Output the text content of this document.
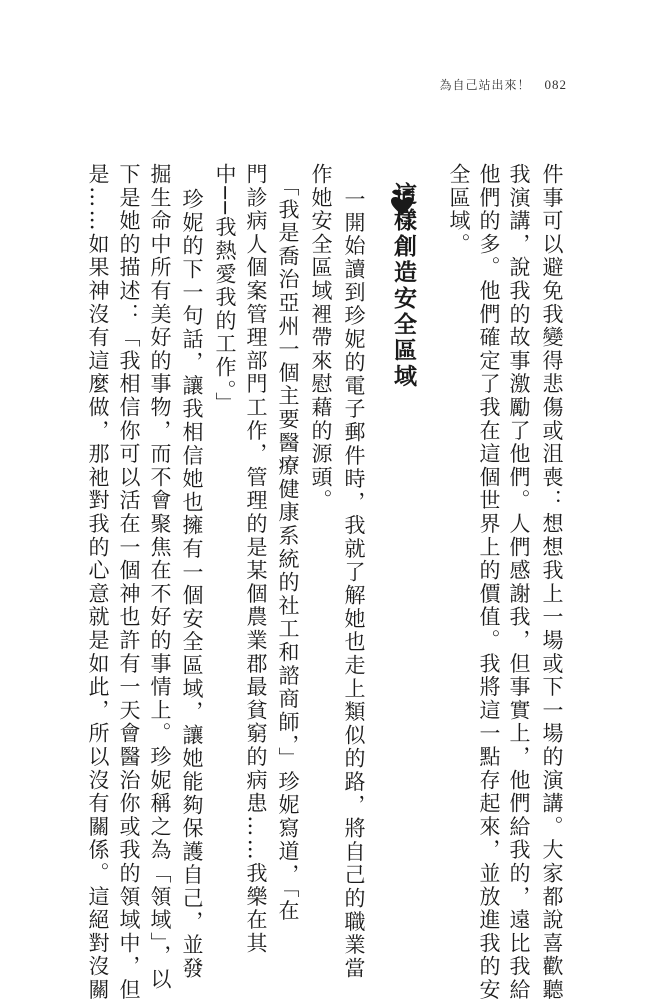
為自己站出來！ 082
件事可以避免我變得悲傷或沮喪：想想我上一場或下一場的演講。大家都說喜歡聽
我演講，說我的故事激勵了他們。人們感謝我，但事實上，他們給我的，遠比我給
他們的多。他們確定了我在這個世界上的價值。我將這一點存起來，並放進我的安
全區域。
這樣創造安全區域
一開始讀到珍妮的電子郵件時，我就了解她也走上類似的路，將自己的職業當
作她安全區域裡帶來慰藉的源頭。
「我是喬治亞州一個主要醫療健康系統的社工和諮商師，」珍妮寫道，「在
門診病人個案管理部門工作，管理的是某個農業郡最貧窮的病患……我樂在其
中──我熱愛我的工作。」
珍妮的下一句話，讓我相信她也擁有一個安全區域，讓她能夠保護自己，並發
掘生命中所有美好的事物，而不會聚焦在不好的事情上。珍妮稱之為「領域」，以
下是她的描述：「我相信你可以活在一個神也許有一天會醫治你或我的領域中，但
是……如果神沒有這麼做，那祂對我的心意就是如此，所以沒有關係。這絕對沒關
